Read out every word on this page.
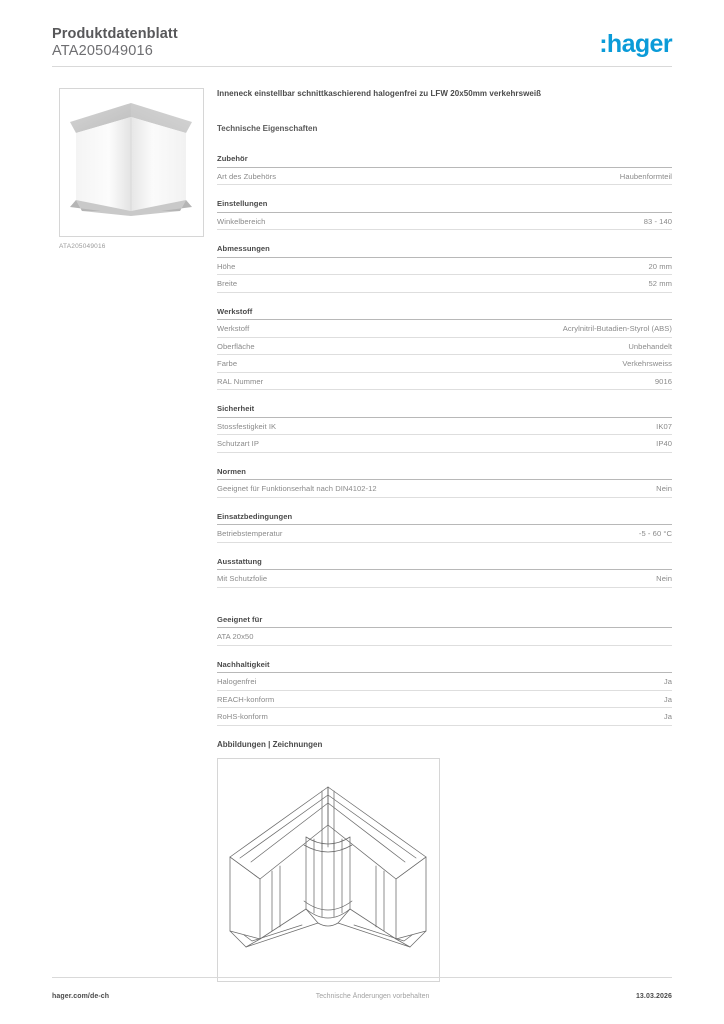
Produktdatenblatt
ATA205049016	:hager
ATA205049016
Inneneck einstellbar schnittkaschierend halogenfrei zu LFW 20x50mm verkehrsweiß
Technische Eigenschaften
Zubehör
Art des Zubehörs	Haubenformteil
Einstellungen
Winkelbereich	83 - 140
Abmessungen
Höhe	20 mm
Breite	52 mm
Werkstoff
Werkstoff	Acrylnitril-Butadien-Styrol (ABS)
Oberfläche	Unbehandelt
Farbe	Verkehrsweiss
RAL Nummer	9016
Sicherheit
Stossfestigkeit IK	IK07
Schutzart IP	IP40
Normen
Geeignet für Funktionserhalt nach DIN4102-12	Nein
Einsatzbedingungen
Betriebstemperatur	-5 - 60 °C
Ausstattung
Mit Schutzfolie	Nein
Geeignet für
ATA 20x50
Nachhaltigkeit
Halogenfrei	Ja
REACH-konform	Ja
RoHS-konform	Ja
Abbildungen | Zeichnungen
hager.com/de-ch	Technische Änderungen vorbehalten	13.03.2026
